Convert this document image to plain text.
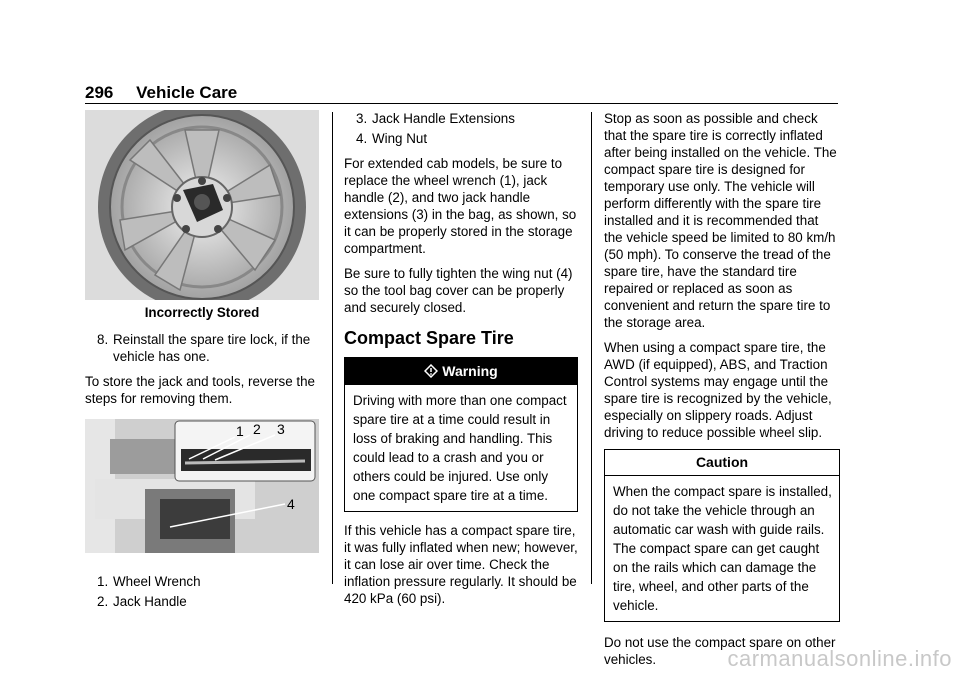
296 Vehicle Care
Incorrectly Stored
8. Reinstall the spare tire lock, if the vehicle has one.

To store the jack and tools, reverse the steps for removing them.

1 2 3
4
1. Wheel Wrench
2. Jack Handle
3. Jack Handle Extensions
4. Wing Nut

For extended cab models, be sure to replace the wheel wrench (1), jack handle (2), and two jack handle extensions (3) in the bag, as shown, so it can be properly stored in the storage compartment.

Be sure to fully tighten the wing nut (4) so the tool bag cover can be properly and securely closed.

Compact Spare Tire
Warning
Driving with more than one compact spare tire at a time could result in loss of braking and handling. This could lead to a crash and you or others could be injured. Use only one compact spare tire at a time.

If this vehicle has a compact spare tire, it was fully inflated when new; however, it can lose air over time. Check the inflation pressure regularly. It should be 420 kPa (60 psi).

Stop as soon as possible and check that the spare tire is correctly inflated after being installed on the vehicle. The compact spare tire is designed for temporary use only. The vehicle will perform differently with the spare tire installed and it is recommended that the vehicle speed be limited to 80 km/h (50 mph). To conserve the tread of the spare tire, have the standard tire repaired or replaced as soon as convenient and return the spare tire to the storage area.

When using a compact spare tire, the AWD (if equipped), ABS, and Traction Control systems may engage until the spare tire is recognized by the vehicle, especially on slippery roads. Adjust driving to reduce possible wheel slip.

Caution
When the compact spare is installed, do not take the vehicle through an automatic car wash with guide rails. The compact spare can get caught on the rails which can damage the tire, wheel, and other parts of the vehicle.

Do not use the compact spare on other vehicles.	carmanualsonline.info
